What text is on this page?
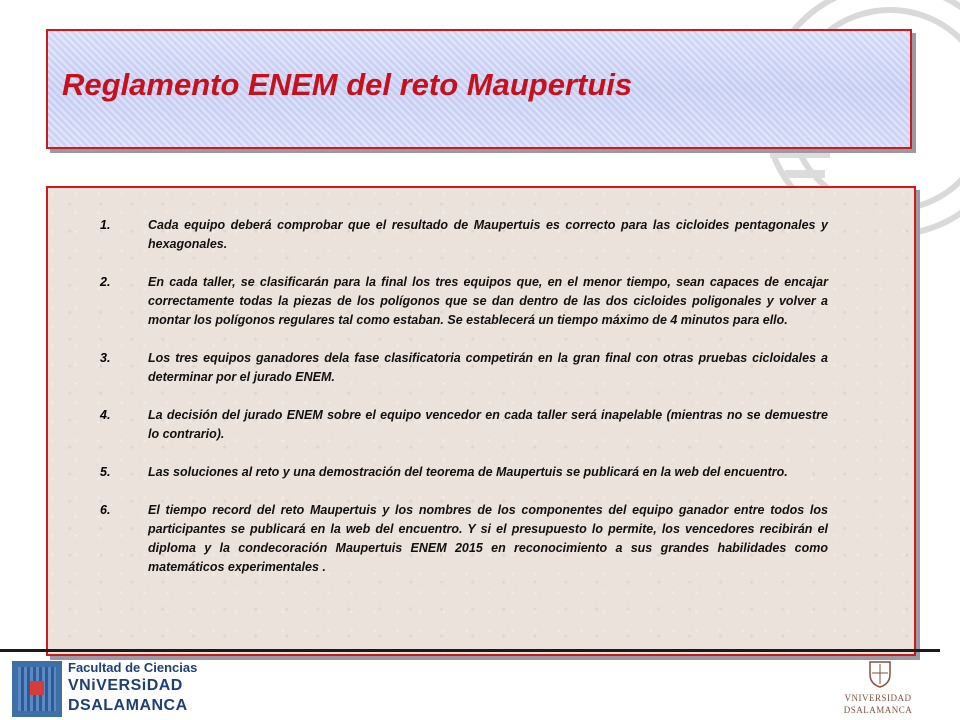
Reglamento ENEM del reto Maupertuis
1.	Cada equipo deberá comprobar que el resultado de Maupertuis es correcto para las cicloides pentagonales y hexagonales.
2.	En cada taller, se clasificarán para la final los tres equipos que, en el menor tiempo, sean capaces de encajar correctamente todas la piezas de los polígonos que se dan dentro de las dos cicloides poligonales y volver a montar los polígonos regulares tal como estaban. Se establecerá un tiempo máximo de 4 minutos para ello.
3.	Los tres equipos ganadores dela fase clasificatoria competirán en la gran final con otras pruebas cicloidales a determinar por el jurado ENEM.
4.	La decisión del jurado ENEM sobre el equipo vencedor en cada taller será inapelable (mientras no se demuestre lo contrario).
5.	Las soluciones al reto y una demostración del teorema de Maupertuis se publicará en la web del encuentro.
6.	El tiempo record del reto Maupertuis y los nombres de los componentes del equipo ganador entre todos los participantes se publicará en la web del encuentro. Y si el presupuesto lo permite, los vencedores recibirán el diploma y la condecoración Maupertuis ENEM 2015 en reconocimiento a sus grandes habilidades como matemáticos experimentales .
Facultad de Ciencias
VNiVERSiDAD
DSALAMANCA	VNIVERSIDAD
DSALAMANCA
